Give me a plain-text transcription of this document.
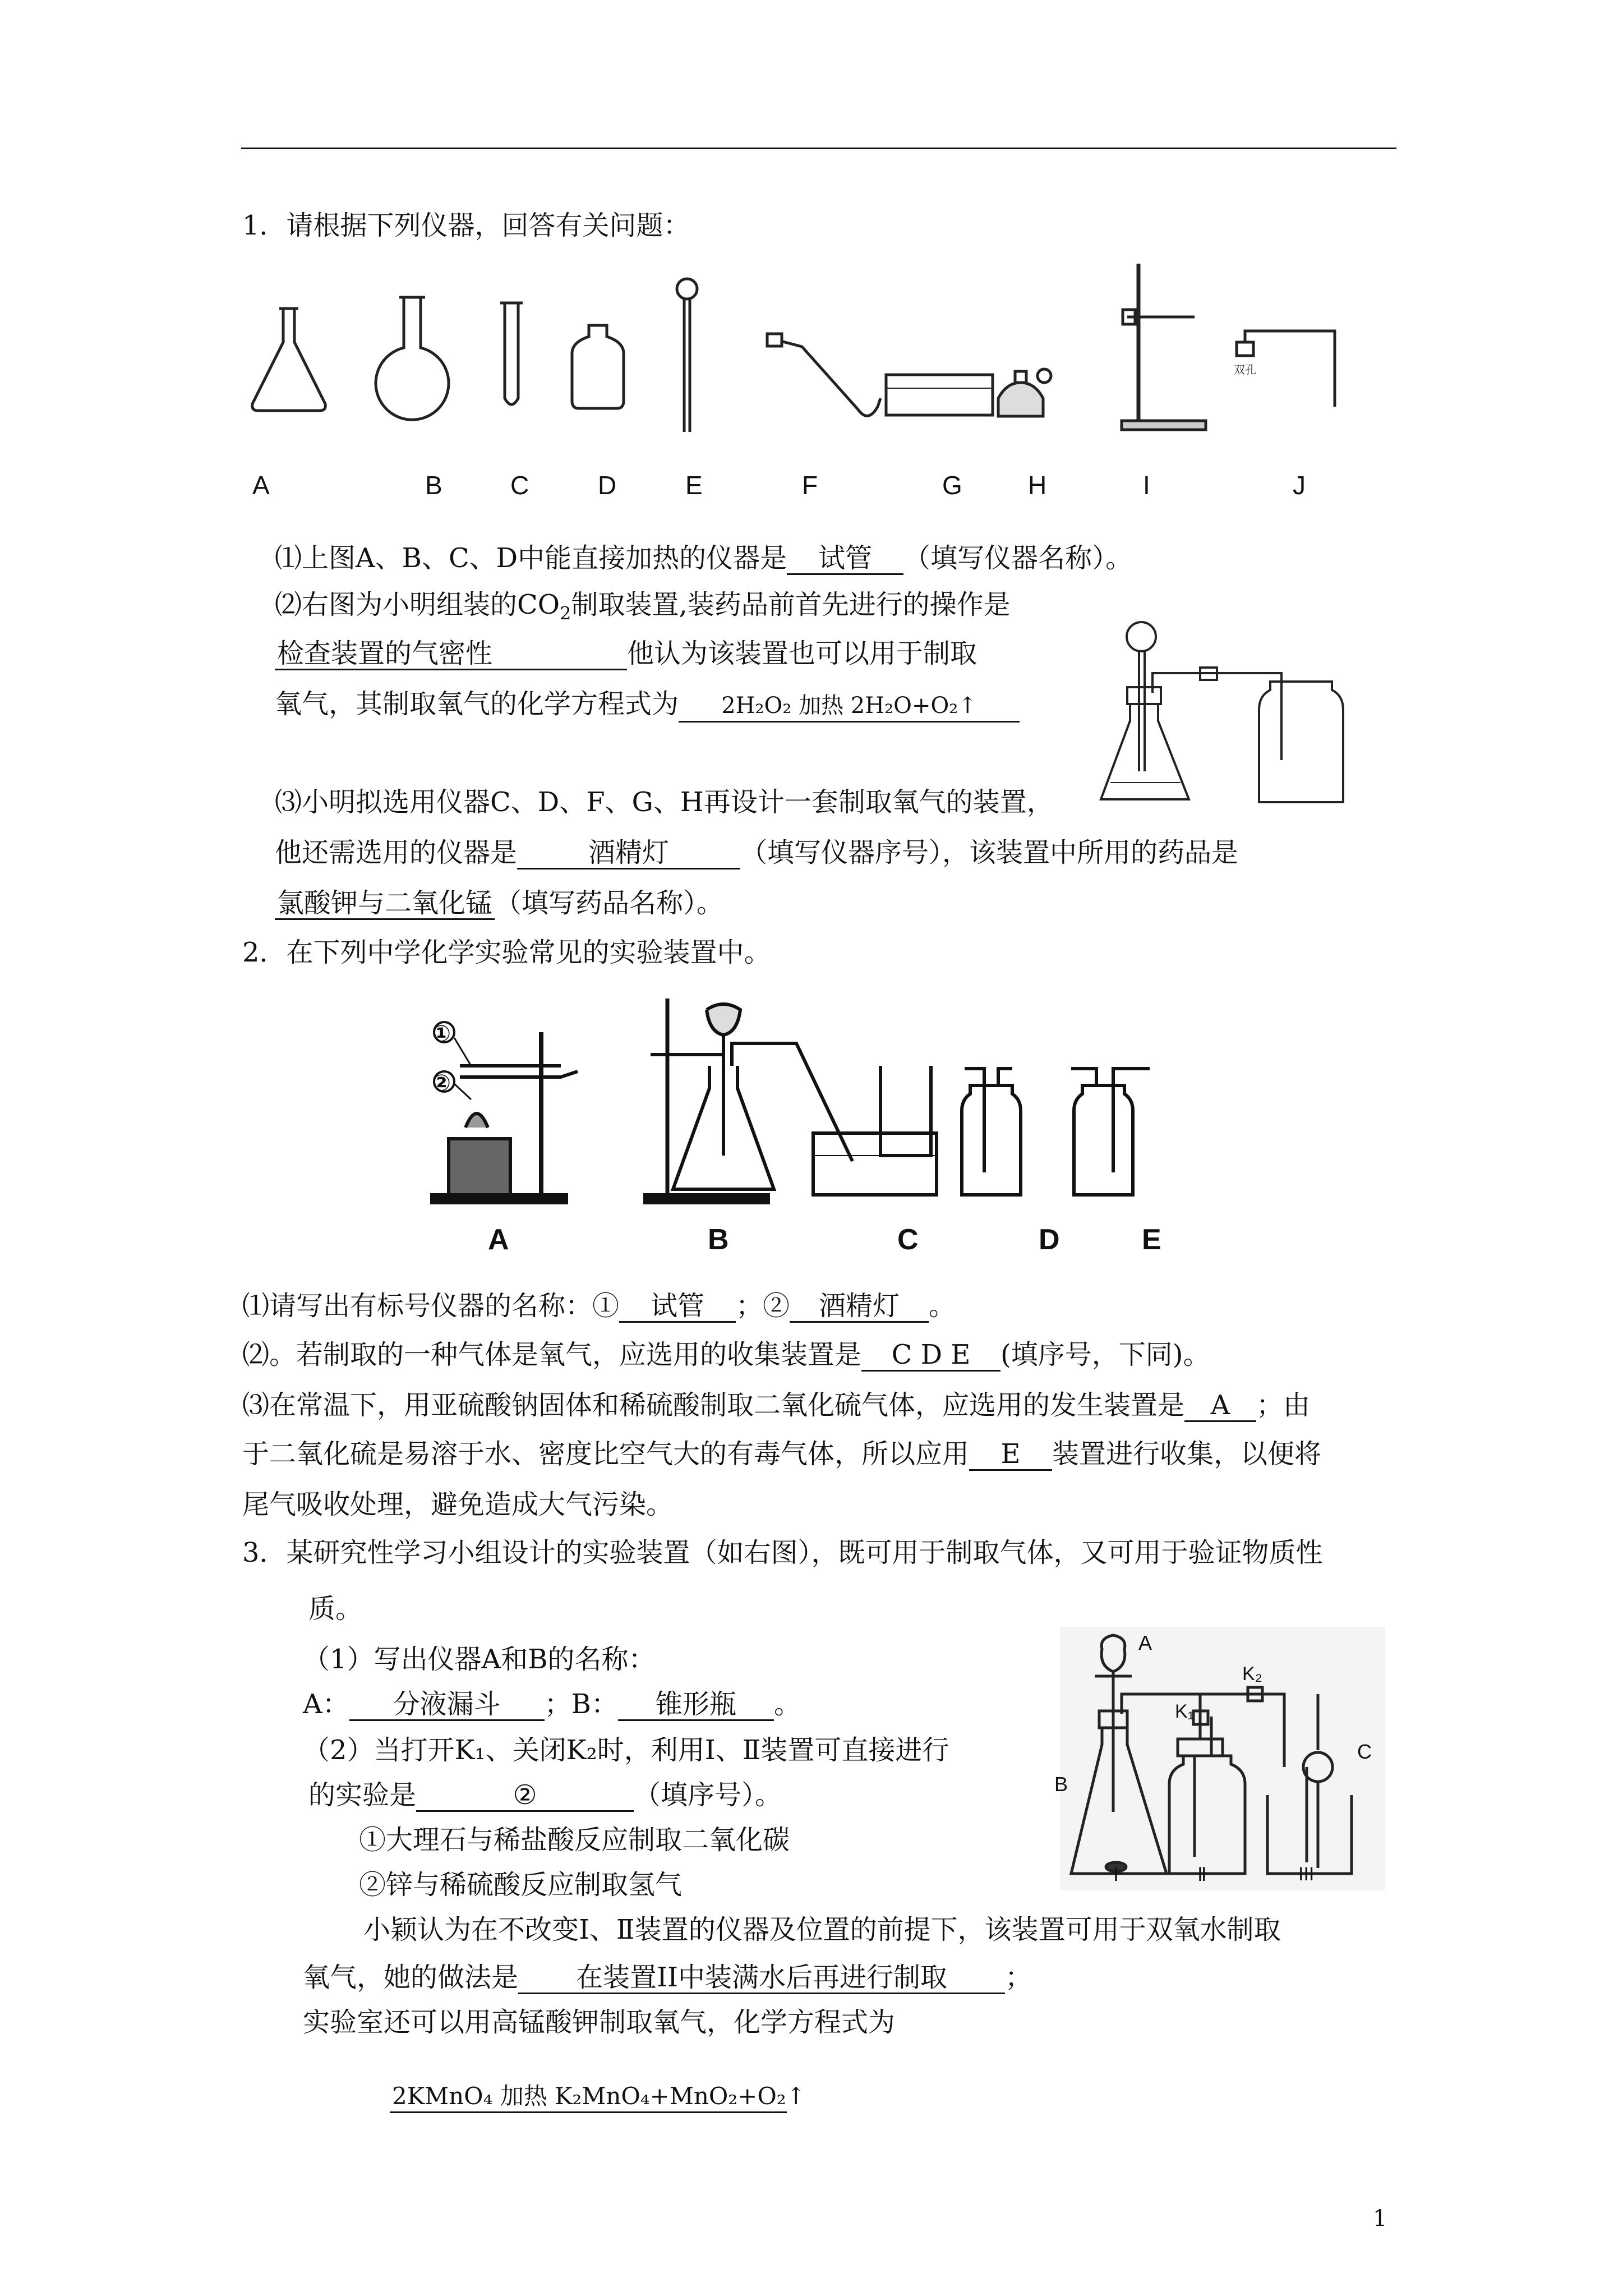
1．请根据下列仪器，回答有关问题：
双孔
A	B	C	D	E	F	G	H	I	J
⑴上图A、B、C、D中能直接加热的仪器是 试管 （填写仪器名称）。
⑵右图为小明组装的$CO_2$制取装置,装药品前首先进行的操作是
检查装置的气密性	他认为该装置也可以用于制取
氧气，其制取氧气的化学方程式为 2H₂O₂ 加热 2H₂O+O₂↑
⑶小明拟选用仪器C、D、F、G、H再设计一套制取氧气的装置，
他还需选用的仪器是	酒精灯	（填写仪器序号），该装置中所用的药品是
氯酸钾与二氧化锰（填写药品名称）。
2．在下列中学化学实验常见的实验装置中。
①
②
A	B	C	D	E
⑴请写出有标号仪器的名称：① 试管 ；② 酒精灯 。
⑵。若制取的一种气体是氧气，应选用的收集装置是 C D E (填序号，下同)。
⑶在常温下，用亚硫酸钠固体和稀硫酸制取二氧化硫气体，应选用的发生装置是 A ；由
于二氧化硫是易溶于水、密度比空气大的有毒气体，所以应用 E 装置进行收集，以便将
尾气吸收处理，避免造成大气污染。
3．某研究性学习小组设计的实验装置（如右图），既可用于制取气体，又可用于验证物质性
质。
（1）写出仪器A和B的名称：
A： 分液漏斗 ；B： 锥形瓶 。
（2）当打开K₁、关闭K₂时，利用Ⅰ、Ⅱ装置可直接进行
的实验是	②	（填序号）。
①大理石与稀盐酸反应制取二氧化碳
②锌与稀硫酸反应制取氢气
小颖认为在不改变Ⅰ、Ⅱ装置的仪器及位置的前提下，该装置可用于双氧水制取
氧气，她的做法是 在装置II中装满水后再进行制取 ；
实验室还可以用高锰酸钾制取氧气，化学方程式为
2KMnO₄ 加热 K₂MnO₄+MnO₂+O₂↑
A
K₂
K₁
C
B
Ⅰ	Ⅱ	III
1
